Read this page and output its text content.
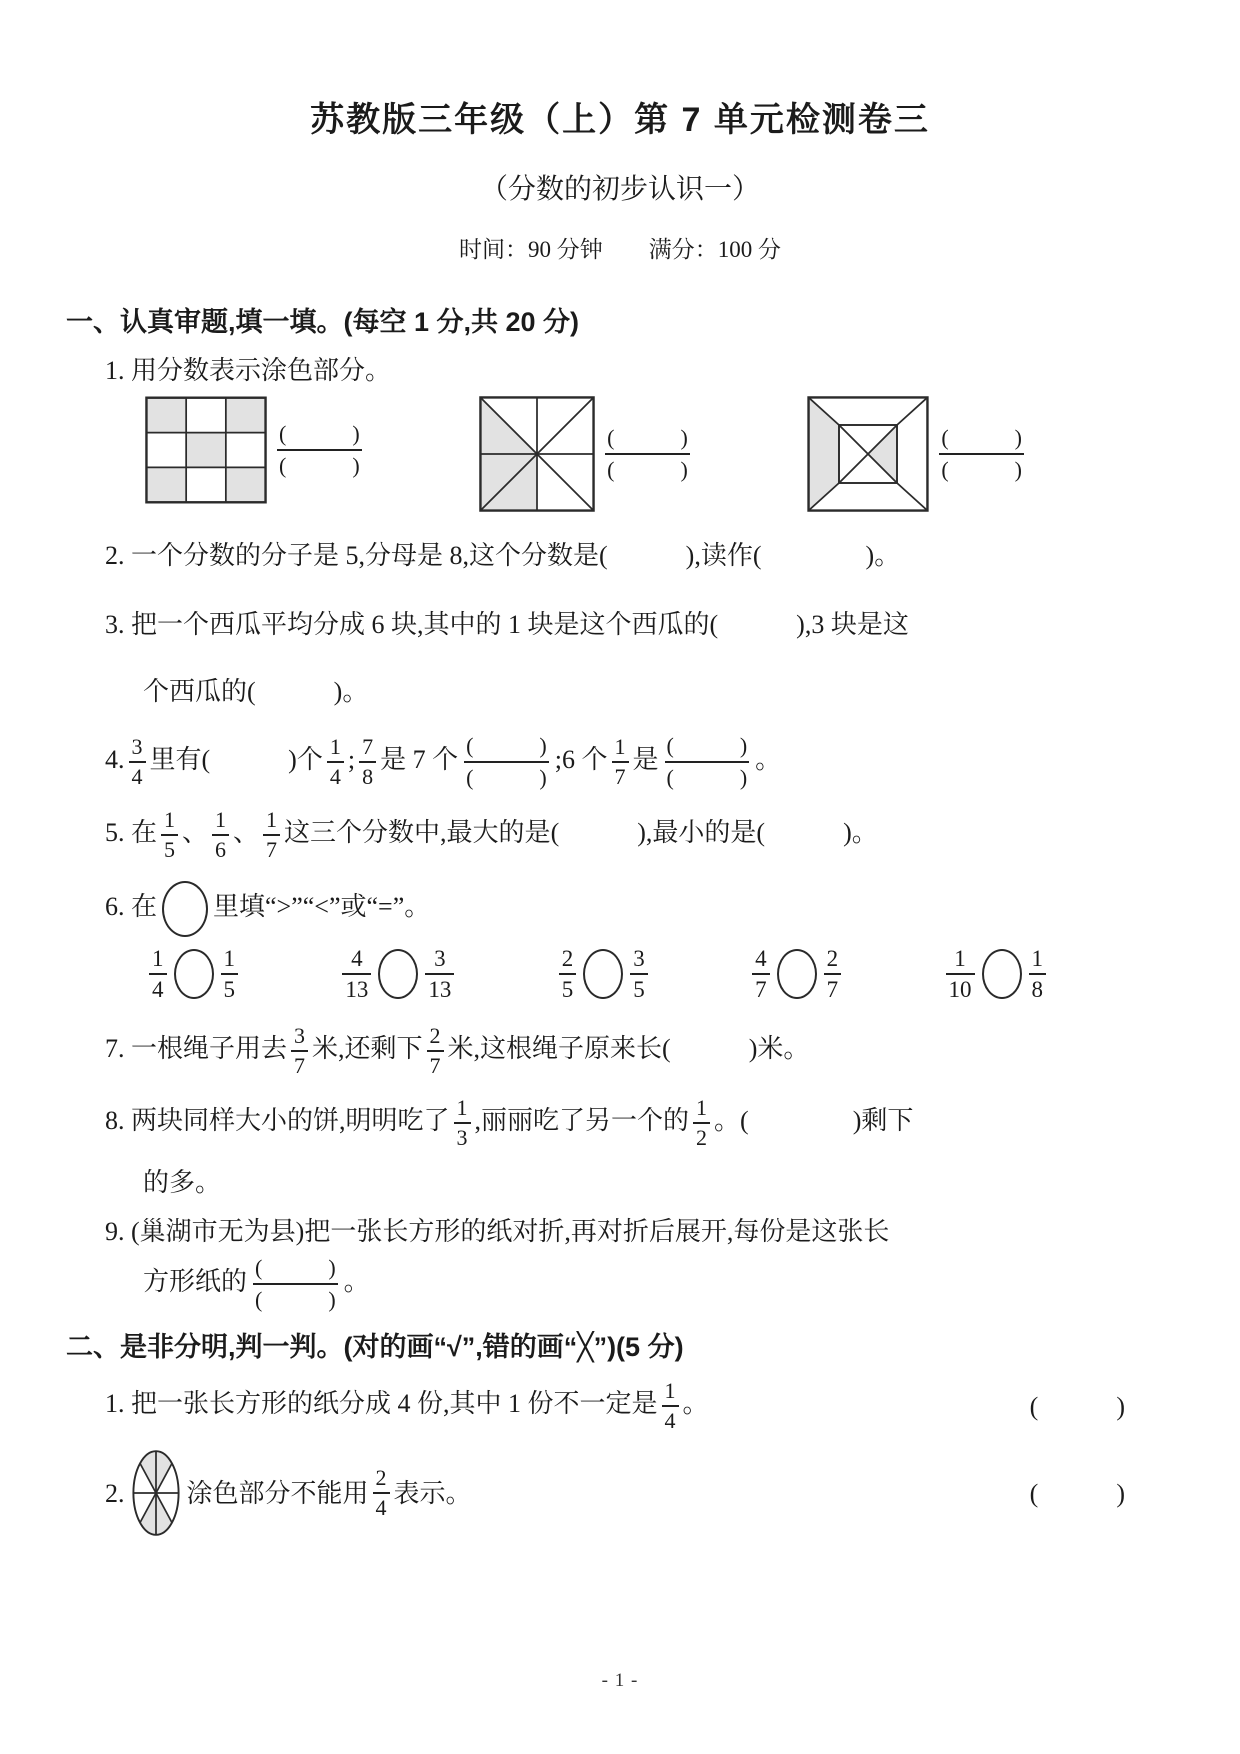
苏教版三年级（上）第 7 单元检测卷三
（分数的初步认识一）
时间：90 分钟 满分：100 分
一、认真审题,填一填。(每空 1 分,共 20 分)
1. 用分数表示涂色部分。
(            )
(            )
(            )
(            )
(            )
(            )
2. 一个分数的分子是 5,分母是 8,这个分数是(            ),读作(                )。
3. 把一个西瓜平均分成 6 块,其中的 1 块是这个西瓜的(            ),3 块是这
个西瓜的(            )。
4. $\frac{3}{4}$ 里有(            )个 $\frac{1}{4}$ ; $\frac{7}{8}$ 是 7 个 (            )
(            )
;6 个 $\frac{1}{7}$ 是 (            )
(            )
。
5. 在 $\frac{1}{5}$ 、 $\frac{1}{6}$ 、 $\frac{1}{7}$ 这三个分数中,最大的是(            ),最小的是(            )。
6. 在 里填“>”“<”或“=”。
$\frac{1}{4} \frac{1}{5}$	$\frac{4}{13} \frac{3}{13}$	$\frac{2}{5} \frac{3}{5}$	$\frac{4}{7} \frac{2}{7}$	$\frac{1}{10} \frac{1}{8}$
7. 一根绳子用去 $\frac{3}{7}$ 米,还剩下 $\frac{2}{7}$ 米,这根绳子原来长(            )米。
8. 两块同样大小的饼,明明吃了 $\frac{1}{3}$ ,丽丽吃了另一个的 $\frac{1}{2}$ 。(                )剩下
的多。
9. (巢湖市无为县)把一张长方形的纸对折,再对折后展开,每份是这张长
方形纸的 (            )
(            )
。
二、是非分明,判一判。(对的画“√”,错的画“╳”)(5 分)
1. 把一张长方形的纸分成 4 份,其中 1 份不一定是 $\frac{1}{4}$ 。	(            )
2. 涂色部分不能用 $\frac{2}{4}$ 表示。	(            )
- 1 -
